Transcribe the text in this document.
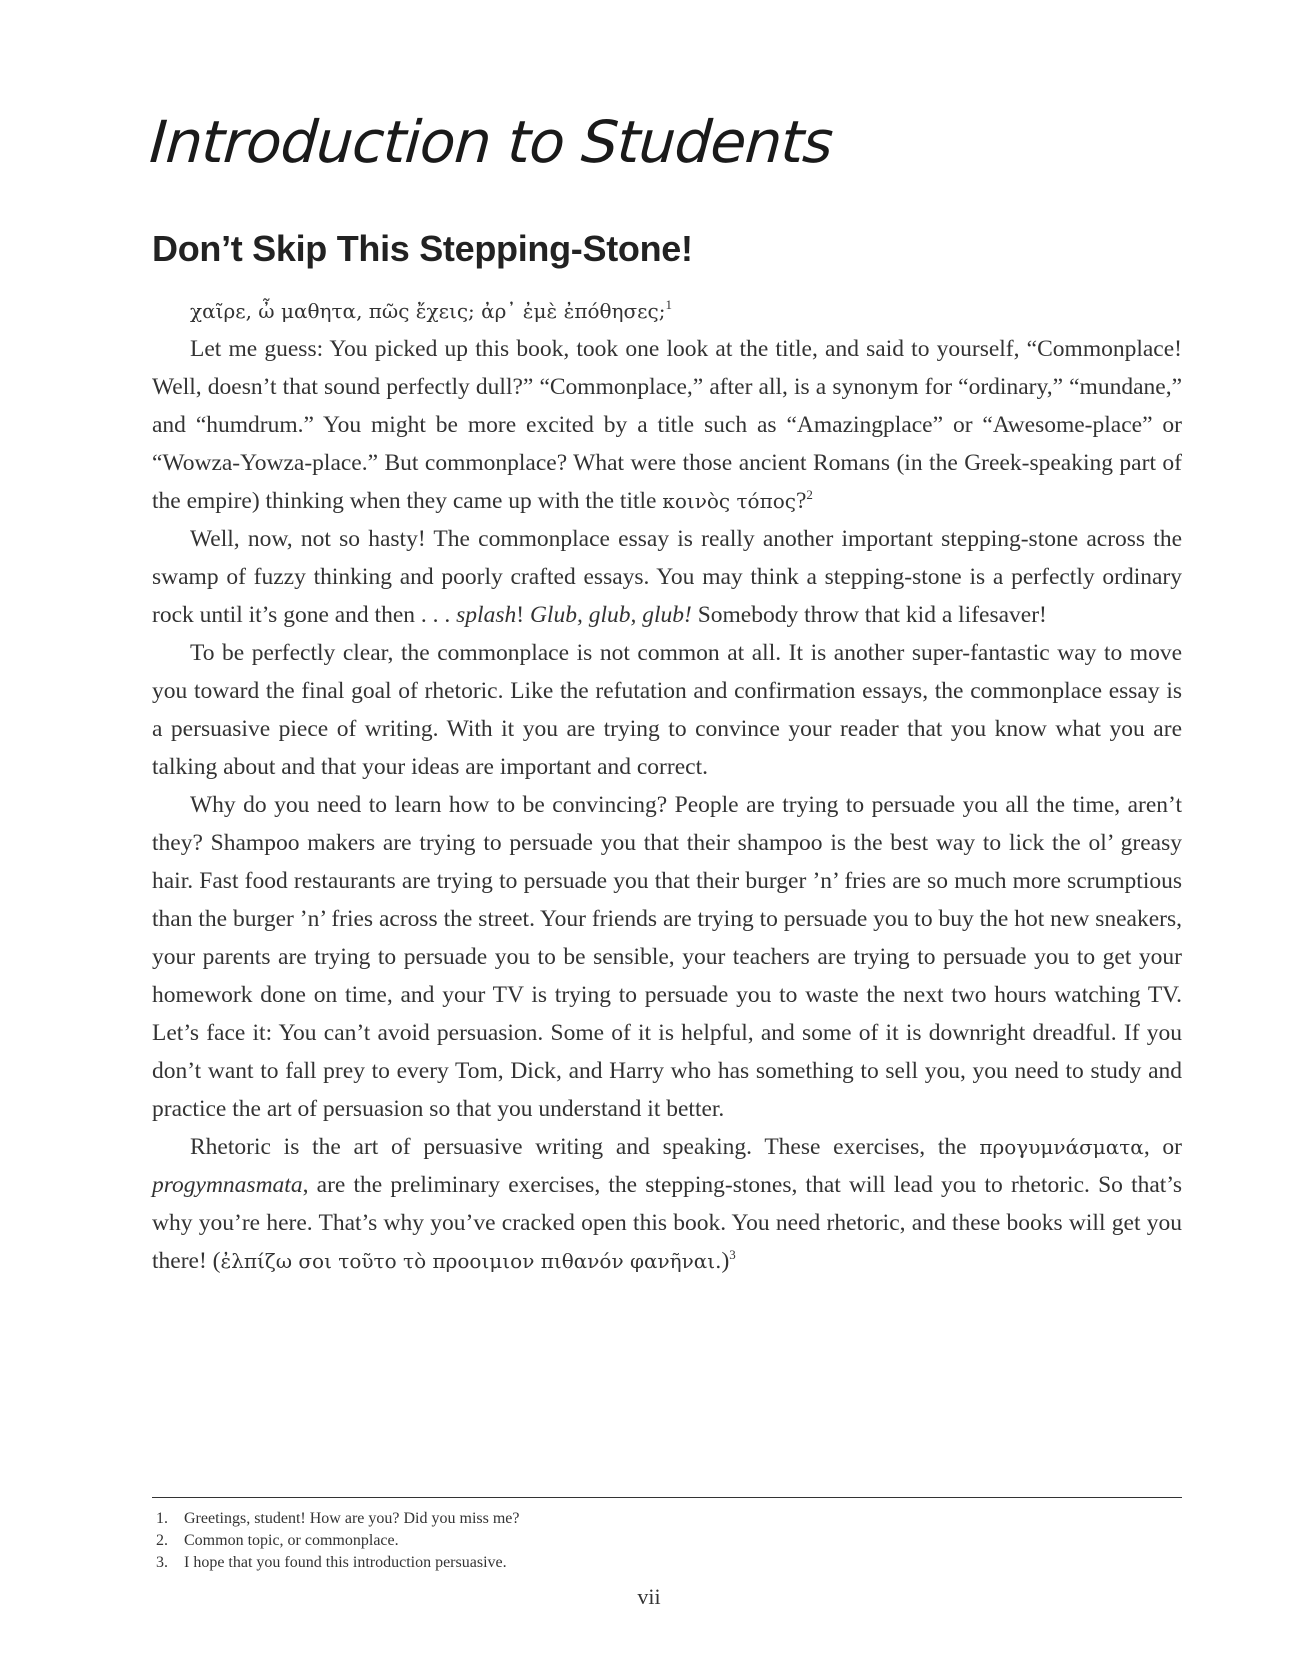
Introduction to Students
Don’t Skip This Stepping-Stone!

χαῖρε, ὦ μαθητα, πῶς ἔχεις; ἀρ᾽ ἐμὲ ἐπόθησες;$^1$

Let me guess: You picked up this book, took one look at the title, and said to yourself, “Commonplace! Well, doesn’t that sound perfectly dull?” “Commonplace,” after all, is a synonym for “ordinary,” “mundane,” and “humdrum.” You might be more excited by a title such as “Amazingplace” or “Awesome-place” or “Wowza-Yowza-place.” But commonplace? What were those ancient Romans (in the Greek-speaking part of the empire) thinking when they came up with the title κοινὸς τόπος?$^2$

Well, now, not so hasty! The commonplace essay is really another important stepping-stone across the swamp of fuzzy thinking and poorly crafted essays. You may think a stepping-stone is a perfectly ordinary rock until it’s gone and then . . . splash! Glub, glub, glub! Somebody throw that kid a lifesaver!

To be perfectly clear, the commonplace is not common at all. It is another super-fantastic way to move you toward the final goal of rhetoric. Like the refutation and confirmation essays, the commonplace essay is a persuasive piece of writing. With it you are trying to convince your reader that you know what you are talking about and that your ideas are important and correct.

Why do you need to learn how to be convincing? People are trying to persuade you all the time, aren’t they? Shampoo makers are trying to persuade you that their shampoo is the best way to lick the ol’ greasy hair. Fast food restaurants are trying to persuade you that their burger ’n’ fries are so much more scrumptious than the burger ’n’ fries across the street. Your friends are trying to persuade you to buy the hot new sneakers, your parents are trying to persuade you to be sensible, your teachers are trying to persuade you to get your homework done on time, and your TV is trying to persuade you to waste the next two hours watching TV. Let’s face it: You can’t avoid persuasion. Some of it is helpful, and some of it is downright dreadful. If you don’t want to fall prey to every Tom, Dick, and Harry who has something to sell you, you need to study and practice the art of persuasion so that you understand it better.

Rhetoric is the art of persuasive writing and speaking. These exercises, the προγυμνάσματα, or progymnasmata, are the preliminary exercises, the stepping-stones, that will lead you to rhetoric. So that’s why you’re here. That’s why you’ve cracked open this book. You need rhetoric, and these books will get you there! (ἐλπίζω σοι τοῦτο τὸ προοιμιον πιθανόν φανῆναι.)$^3$

1.	Greetings, student! How are you? Did you miss me?
2.	Common topic, or commonplace.
3.	I hope that you found this introduction persuasive.
vii
